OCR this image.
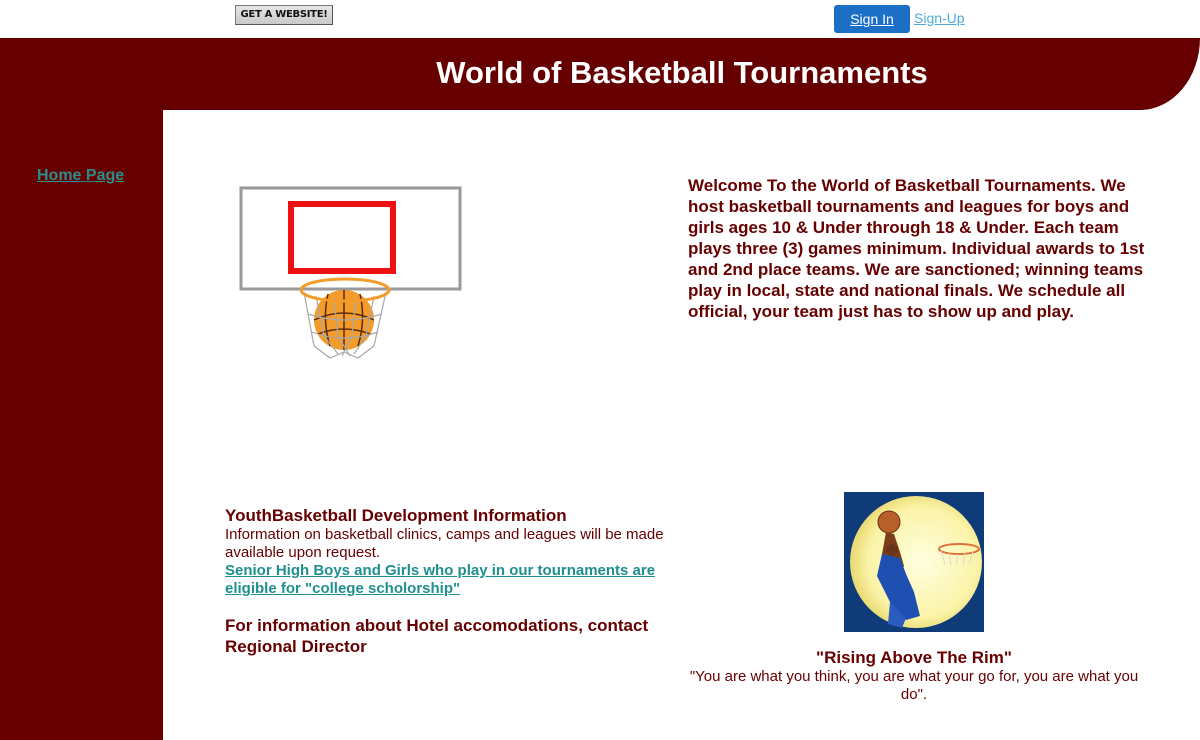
GET A WEBSITE!	Sign In	Sign-Up
World of Basketball Tournaments
Home Page
Welcome To the World of Basketball Tournaments. We host basketball tournaments and leagues for boys and girls ages 10 & Under through 18 & Under. Each team plays three (3) games minimum. Individual awards to 1st and 2nd place teams. We are sanctioned; winning teams play in local, state and national finals. We schedule all official, your team just has to show up and play.
YouthBasketball Development Information
Information on basketball clinics, camps and leagues will be made available upon request.
Senior High Boys and Girls who play in our tournaments are eligible for "college scholorship"
For information about Hotel accomodations, contact Regional Director
"Rising Above The Rim"
"You are what you think, you are what your go for, you are what you do".
